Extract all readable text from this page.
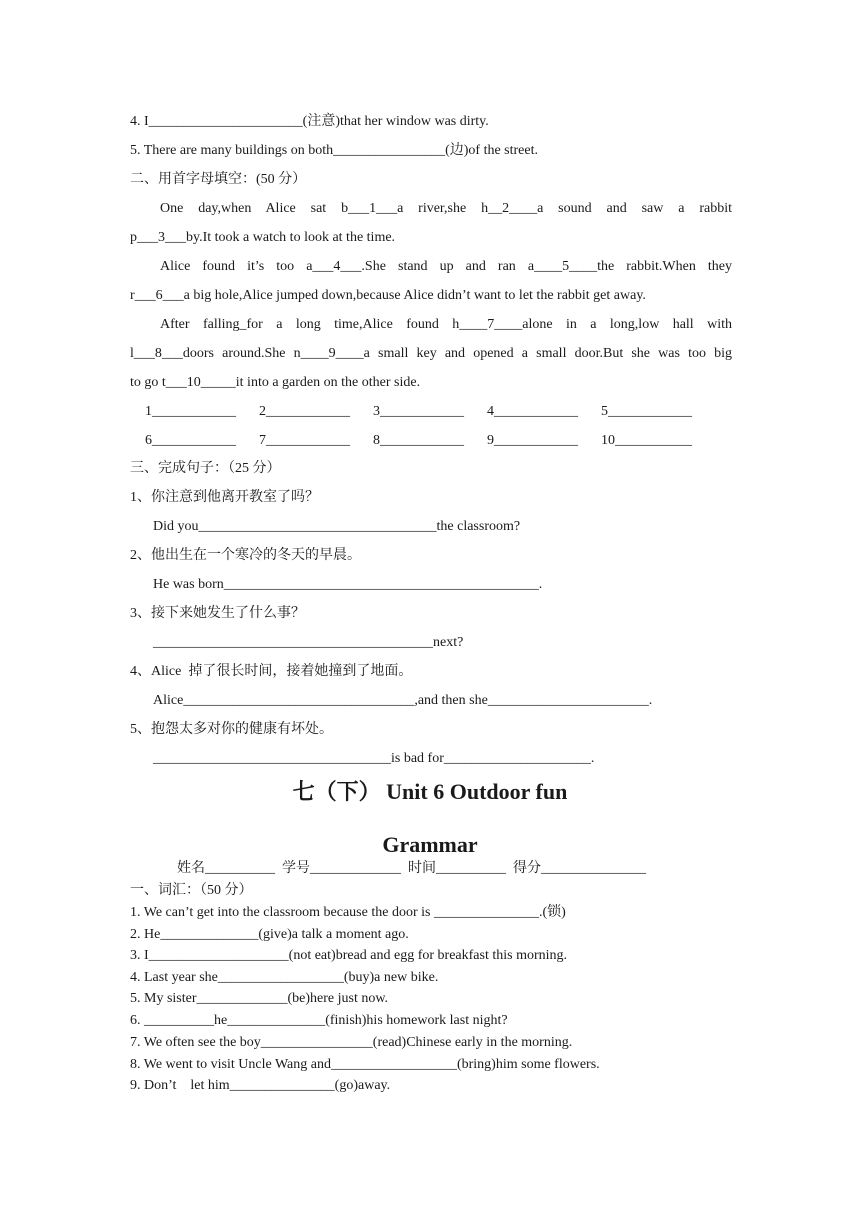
4. I______________________(注意)that her window was dirty.
5. There are many buildings on both________________(边)of the street.
二、用首字母填空：(50 分）
One day,when Alice sat b___1___a river,she h__2____a sound and saw a rabbit
p___3___by.It took a watch to look at the time.
Alice found it’s too a___4___.She stand up and ran a____5____the rabbit.When they
r___6___a big hole,Alice jumped down,because Alice didn’t want to let the rabbit get away.
After falling_for a long time,Alice found h____7____alone in a long,low hall with
l___8___doors around.She n____9____a small key and opened a small door.But she was too big
to go t___10_____it into a garden on the other side.
1____________ 2____________ 3____________ 4____________ 5____________
6____________ 7____________ 8____________ 9____________ 10___________
三、完成句子：（25 分）
1、你注意到他离开教室了吗？
Did you__________________________________the classroom?
2、他出生在一个寒冷的冬天的早晨。
He was born_____________________________________________.
3、接下来她发生了什么事？
________________________________________next?
4、Alice  掉了很长时间，接着她撞到了地面。
Alice_________________________________,and then she_______________________.
5、抱怨太多对你的健康有坏处。
__________________________________is bad for_____________________.
七（下） Unit 6 Outdoor fun
Grammar
姓名__________  学号_____________  时间__________  得分_______________
一、词汇：（50 分）
1. We can’t get into the classroom because the door is _______________.(锁)
2. He______________(give)a talk a moment ago.
3. I____________________(not eat)bread and egg for breakfast this morning.
4. Last year she__________________(buy)a new bike.
5. My sister_____________(be)here just now.
6. __________he______________(finish)his homework last night?
7. We often see the boy________________(read)Chinese early in the morning.
8. We went to visit Uncle Wang and__________________(bring)him some flowers.
9. Don’t    let him_______________(go)away.
